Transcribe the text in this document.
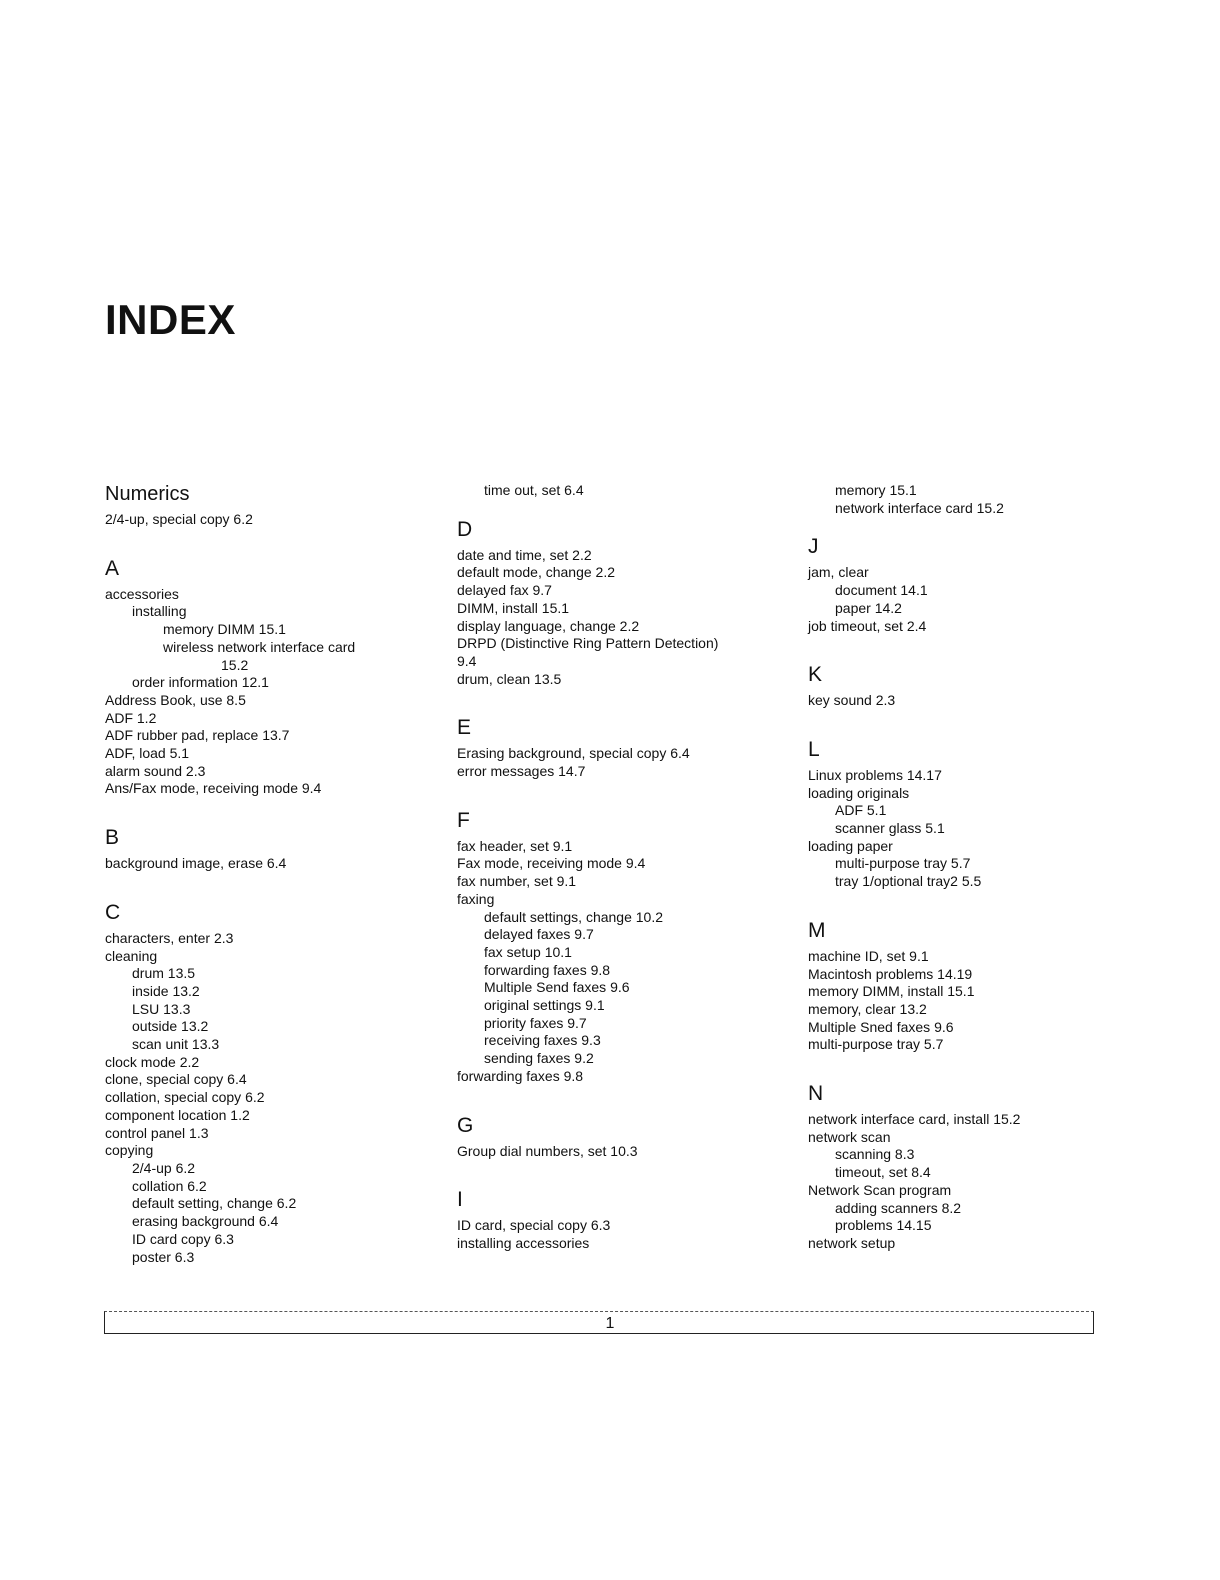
INDEX
Numerics
2/4-up, special copy 6.2
A
accessories
installing
memory DIMM 15.1
wireless network interface card
15.2
order information 12.1
Address Book, use 8.5
ADF 1.2
ADF rubber pad, replace 13.7
ADF, load 5.1
alarm sound 2.3
Ans/Fax mode, receiving mode 9.4
B
background image, erase 6.4
C
characters, enter 2.3
cleaning
drum 13.5
inside 13.2
LSU 13.3
outside 13.2
scan unit 13.3
clock mode 2.2
clone, special copy 6.4
collation, special copy 6.2
component location 1.2
control panel 1.3
copying
2/4-up 6.2
collation 6.2
default setting, change 6.2
erasing background 6.4
ID card copy 6.3
poster 6.3
time out, set 6.4
D
date and time, set 2.2
default mode, change 2.2
delayed fax 9.7
DIMM, install 15.1
display language, change 2.2
DRPD (Distinctive Ring Pattern Detection)
9.4
drum, clean 13.5
E
Erasing background, special copy 6.4
error messages 14.7
F
fax header, set 9.1
Fax mode, receiving mode 9.4
fax number, set 9.1
faxing
default settings, change 10.2
delayed faxes 9.7
fax setup 10.1
forwarding faxes 9.8
Multiple Send faxes 9.6
original settings 9.1
priority faxes 9.7
receiving faxes 9.3
sending faxes 9.2
forwarding faxes 9.8
G
Group dial numbers, set 10.3
I
ID card, special copy 6.3
installing accessories
memory 15.1
network interface card 15.2
J
jam, clear
document 14.1
paper 14.2
job timeout, set 2.4
K
key sound 2.3
L
Linux problems 14.17
loading originals
ADF 5.1
scanner glass 5.1
loading paper
multi-purpose tray 5.7
tray 1/optional tray2 5.5
M
machine ID, set 9.1
Macintosh problems 14.19
memory DIMM, install 15.1
memory, clear 13.2
Multiple Sned faxes 9.6
multi-purpose tray 5.7
N
network interface card, install 15.2
network scan
scanning 8.3
timeout, set 8.4
Network Scan program
adding scanners 8.2
problems 14.15
network setup
1
